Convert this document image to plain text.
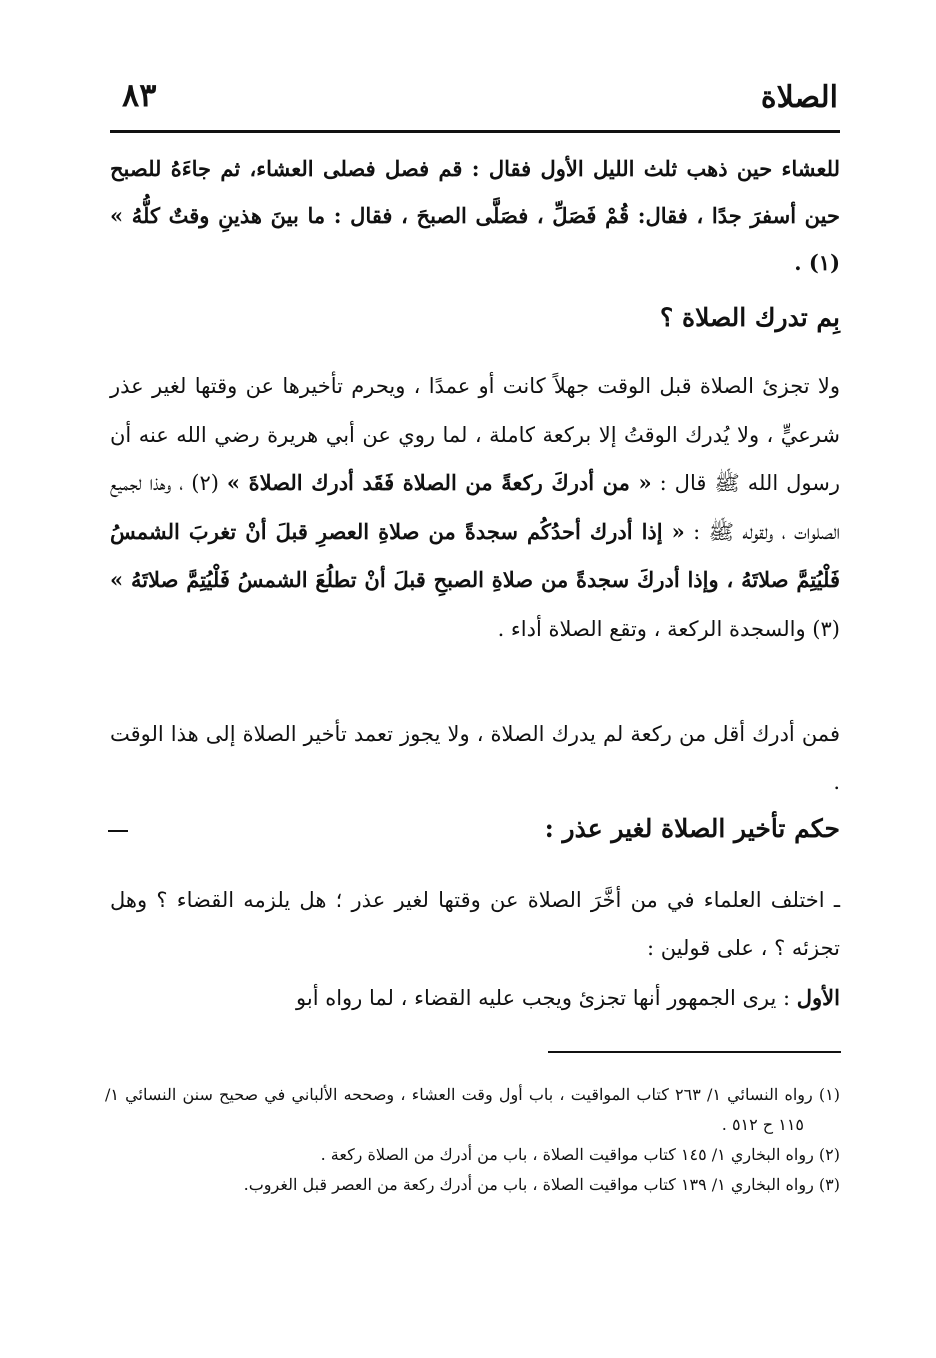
الصلاة
٨٣

للعشاء حين ذهب ثلث الليل الأول فقال : قم فصل فصلى العشاء، ثم جاءَهُ للصبح حين أسفرَ جدًا ، فقال: قُمْ فَصَلِّ ، فصَلَّى الصبحَ ، فقال : ما بينَ هذينِ وقتٌ كلُّهُ » (١) .

بِم تدرك الصلاة ؟

ولا تجزئ الصلاة قبل الوقت جهلاً كانت أو عمدًا ، ويحرم تأخيرها عن وقتها لغير عذر شرعيٍّ ، ولا يُدرك الوقتُ إلا بركعة كاملة ، لما روي عن أبي هريرة رضي الله عنه أن رسول الله ﷺ قال : « من أدركَ ركعةً من الصلاة فَقَد أدرك الصلاةَ » (٢) ، وهذا لجميع الصلوات ، ولقوله ﷺ : « إذا أدرك أحدُكُم سجدةً من صلاةِ العصرِ قبلَ أنْ تغربَ الشمسُ فَلْيُتِمَّ صلاتَهُ ، وإذا أدركَ سجدةً من صلاةِ الصبحِ قبلَ أنْ تطلُعَ الشمسُ فَلْيُتِمَّ صلاتَهُ » (٣) والسجدة الركعة ، وتقع الصلاة أداء .

فمن أدرك أقل من ركعة لم يدرك الصلاة ، ولا يجوز تعمد تأخير الصلاة إلى هذا الوقت .

حكم تأخير الصلاة لغير عذر :

ـ اختلف العلماء في من أخَّرَ الصلاة عن وقتها لغير عذر ؛ هل يلزمه القضاء ؟ وهل تجزئه ؟ ، على قولين :

الأول : يرى الجمهور أنها تجزئ ويجب عليه القضاء ، لما رواه أبو

(١) رواه النسائي ١/ ٢٦٣ كتاب المواقيت ، باب أول وقت العشاء ، وصححه الألباني في صحيح سنن النسائي ١/ ١١٥ ح ٥١٢ .
(٢) رواه البخاري ١/ ١٤٥ كتاب مواقيت الصلاة ، باب من أدرك من الصلاة ركعة .
(٣) رواه البخاري ١/ ١٣٩ كتاب مواقيت الصلاة ، باب من أدرك ركعة من العصر قبل الغروب.
